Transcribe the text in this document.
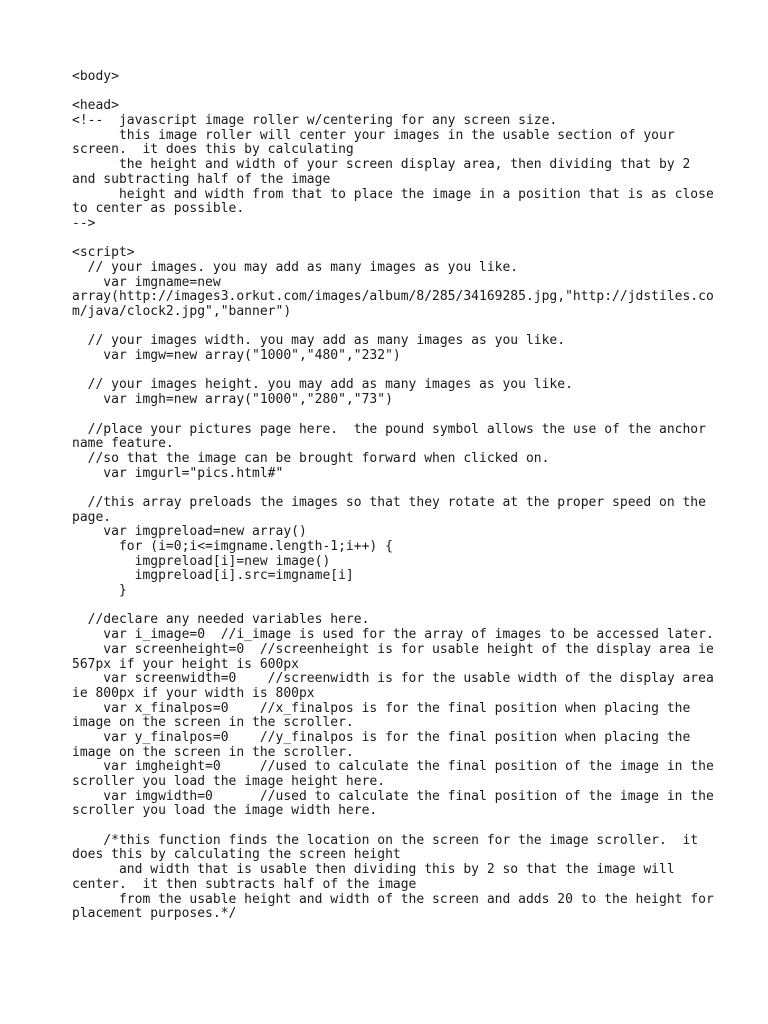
<body>
<head>
<!--  javascript image roller w/centering for any screen size.
this image roller will center your images in the usable section of your
screen.  it does this by calculating
the height and width of your screen display area, then dividing that by 2
and subtracting half of the image
height and width from that to place the image in a position that is as close
to center as possible.
-->
<script>
// your images. you may add as many images as you like.
var imgname=new
array(http://images3.orkut.com/images/album/8/285/34169285.jpg,"http://jdstiles.co
m/java/clock2.jpg","banner")
// your images width. you may add as many images as you like.
var imgw=new array("1000","480","232")
// your images height. you may add as many images as you like.
var imgh=new array("1000","280","73")
//place your pictures page here.  the pound symbol allows the use of the anchor
name feature.
//so that the image can be brought forward when clicked on.
var imgurl="pics.html#"
//this array preloads the images so that they rotate at the proper speed on the
page.
var imgpreload=new array()
for (i=0;i<=imgname.length-1;i++) {
imgpreload[i]=new image()
imgpreload[i].src=imgname[i]
}
//declare any needed variables here.
var i_image=0  //i_image is used for the array of images to be accessed later.
var screenheight=0  //screenheight is for usable height of the display area ie
567px if your height is 600px
var screenwidth=0    //screenwidth is for the usable width of the display area
ie 800px if your width is 800px
var x_finalpos=0    //x_finalpos is for the final position when placing the
image on the screen in the scroller.
var y_finalpos=0    //y_finalpos is for the final position when placing the
image on the screen in the scroller.
var imgheight=0     //used to calculate the final position of the image in the
scroller you load the image height here.
var imgwidth=0      //used to calculate the final position of the image in the
scroller you load the image width here.
/*this function finds the location on the screen for the image scroller.  it
does this by calculating the screen height
and width that is usable then dividing this by 2 so that the image will
center.  it then subtracts half of the image
from the usable height and width of the screen and adds 20 to the height for
placement purposes.*/
